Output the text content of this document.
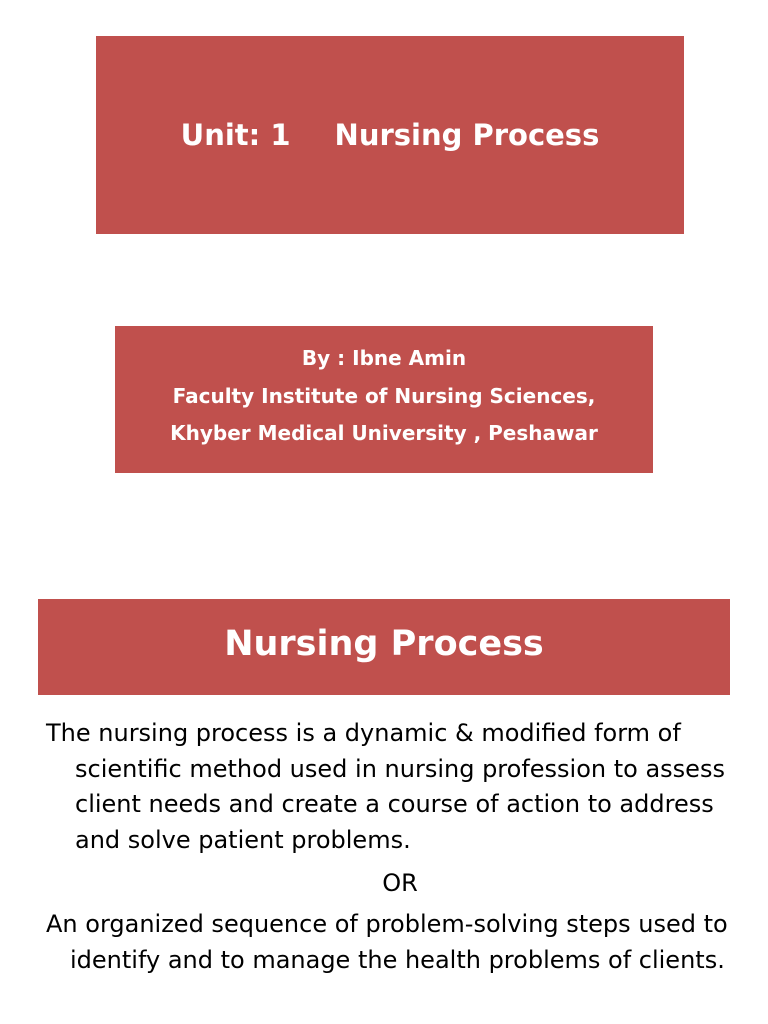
Unit: 1 Nursing Process
By : Ibne Amin
Faculty Institute of Nursing Sciences,
Khyber Medical University , Peshawar
Nursing Process

The nursing process is a dynamic & modified form of scientific method used in nursing profession to assess client needs and create a course of action to address and solve patient problems.

OR

An organized sequence of problem-solving steps used to identify and to manage the health problems of clients.
